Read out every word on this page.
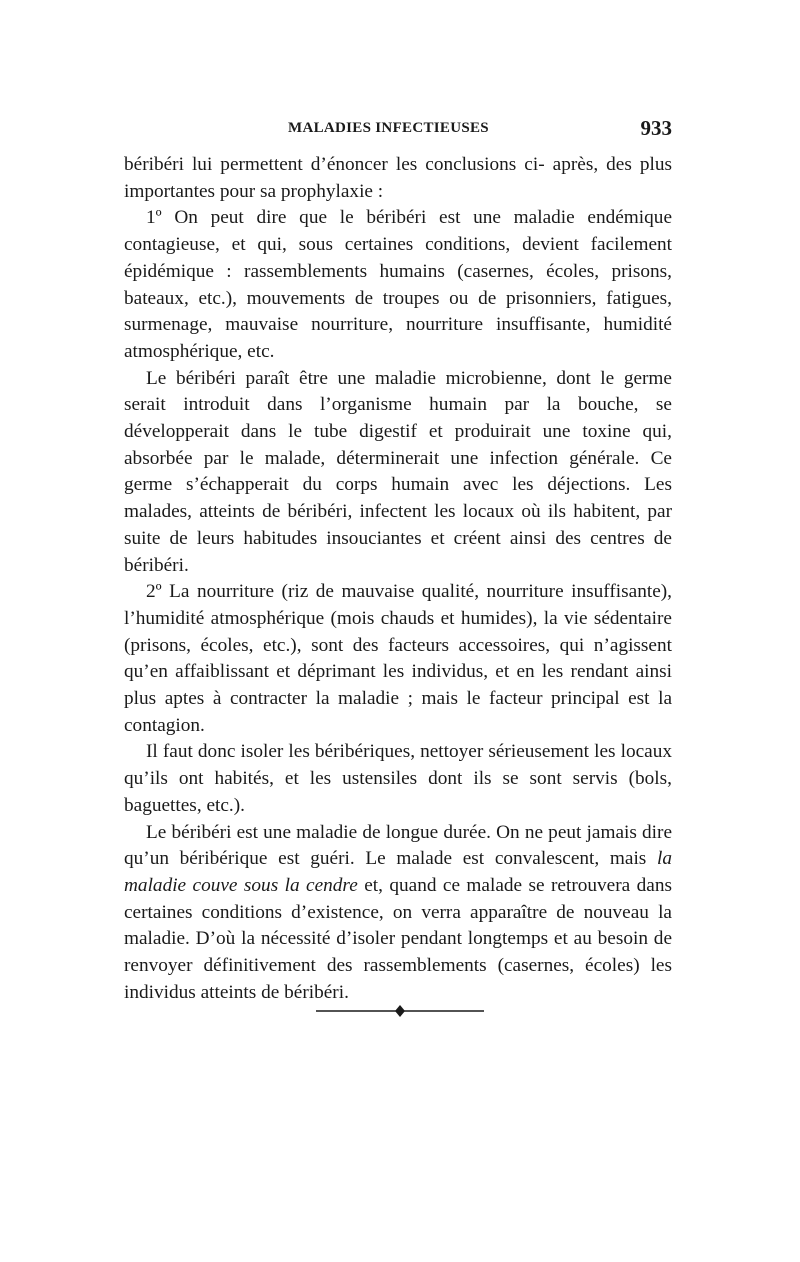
MALADIES INFECTIEUSES	933

béribéri lui permettent d’énoncer les conclusions ci- après, des plus importantes pour sa prophylaxie :

1º On peut dire que le béribéri est une maladie endémique contagieuse, et qui, sous certaines conditions, devient facilement épidémique : rassemblements humains (casernes, écoles, prisons, bateaux, etc.), mouvements de troupes ou de prisonniers, fatigues, surmenage, mauvaise nourriture, nourriture insuffisante, humidité atmosphérique, etc.

Le béribéri paraît être une maladie microbienne, dont le germe serait introduit dans l’organisme humain par la bouche, se développerait dans le tube digestif et produirait une toxine qui, absorbée par le malade, déterminerait une infection générale. Ce germe s’échapperait du corps humain avec les déjections. Les malades, atteints de béribéri, infectent les locaux où ils habitent, par suite de leurs habitudes insouciantes et créent ainsi des centres de béribéri.

2º La nourriture (riz de mauvaise qualité, nourriture insuffisante), l’humidité atmosphérique (mois chauds et humides), la vie sédentaire (prisons, écoles, etc.), sont des facteurs accessoires, qui n’agissent qu’en affaiblissant et déprimant les individus, et en les rendant ainsi plus aptes à contracter la maladie ; mais le facteur principal est la contagion.

Il faut donc isoler les béribériques, nettoyer sérieusement les locaux qu’ils ont habités, et les ustensiles dont ils se sont servis (bols, baguettes, etc.).

Le béribéri est une maladie de longue durée. On ne peut jamais dire qu’un béribérique est guéri. Le malade est convalescent, mais la maladie couve sous la cendre et, quand ce malade se retrouvera dans certaines conditions d’existence, on verra apparaître de nouveau la maladie. D’où la nécessité d’isoler pendant longtemps et au besoin de renvoyer définitivement des rassemblements (casernes, écoles) les individus atteints de béribéri.
